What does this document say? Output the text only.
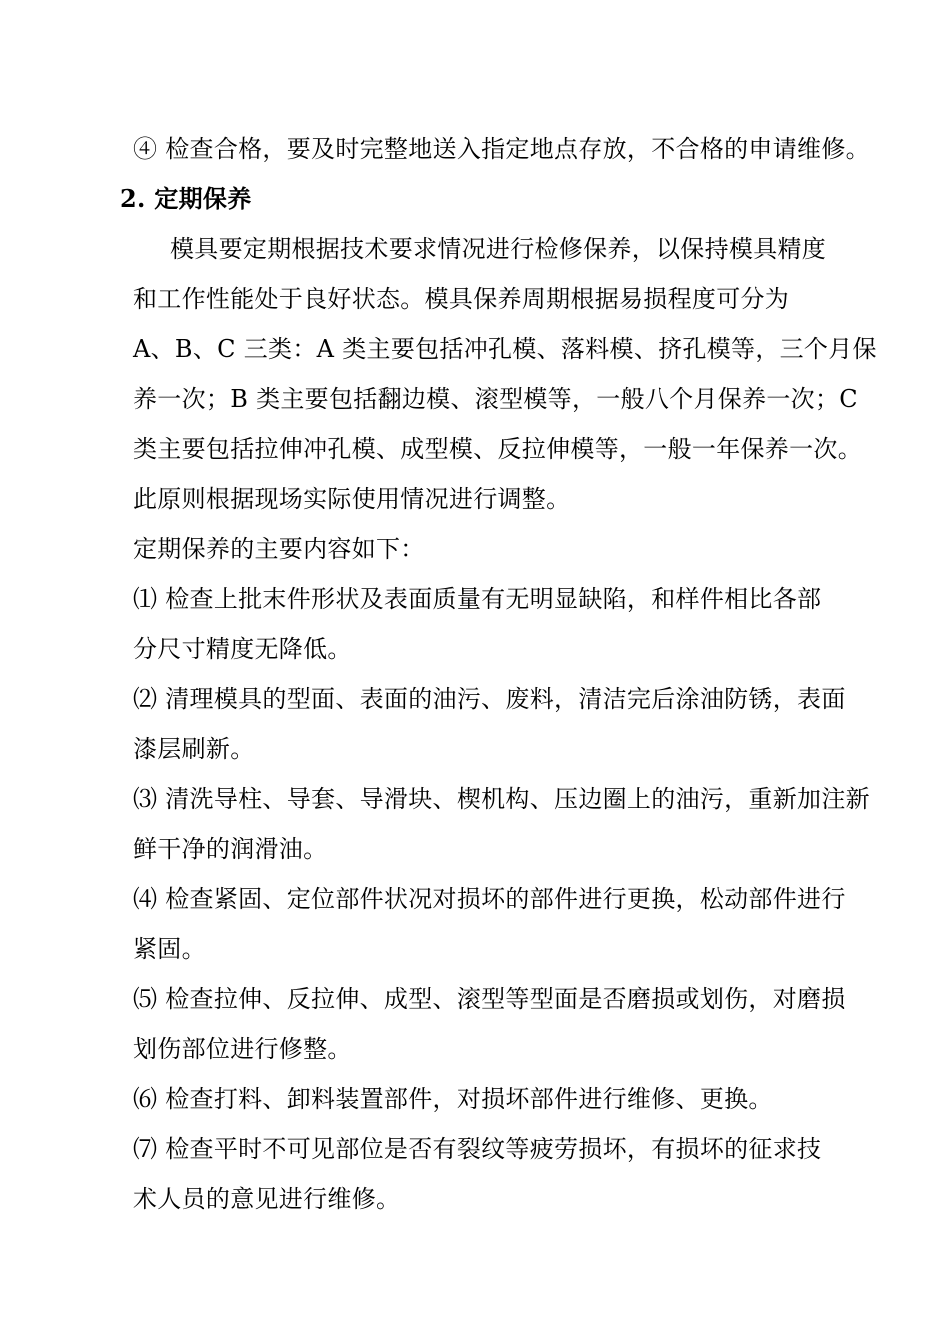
④ 检查合格，要及时完整地送入指定地点存放，不合格的申请维修。
2. 定期保养
模具要定期根据技术要求情况进行检修保养，以保持模具精度
和工作性能处于良好状态。模具保养周期根据易损程度可分为
A、B、C 三类：A 类主要包括冲孔模、落料模、挤孔模等，三个月保
养一次；B 类主要包括翻边模、滚型模等，一般八个月保养一次；C
类主要包括拉伸冲孔模、成型模、反拉伸模等，一般一年保养一次。
此原则根据现场实际使用情况进行调整。
定期保养的主要内容如下：
⑴ 检查上批末件形状及表面质量有无明显缺陷，和样件相比各部
分尺寸精度无降低。
⑵ 清理模具的型面、表面的油污、废料，清洁完后涂油防锈，表面
漆层刷新。
⑶ 清洗导柱、导套、导滑块、楔机构、压边圈上的油污，重新加注新
鲜干净的润滑油。
⑷ 检查紧固、定位部件状况对损坏的部件进行更换，松动部件进行
紧固。
⑸ 检查拉伸、反拉伸、成型、滚型等型面是否磨损或划伤，对磨损
划伤部位进行修整。
⑹ 检查打料、卸料装置部件，对损坏部件进行维修、更换。
⑺ 检查平时不可见部位是否有裂纹等疲劳损坏，有损坏的征求技
术人员的意见进行维修。
